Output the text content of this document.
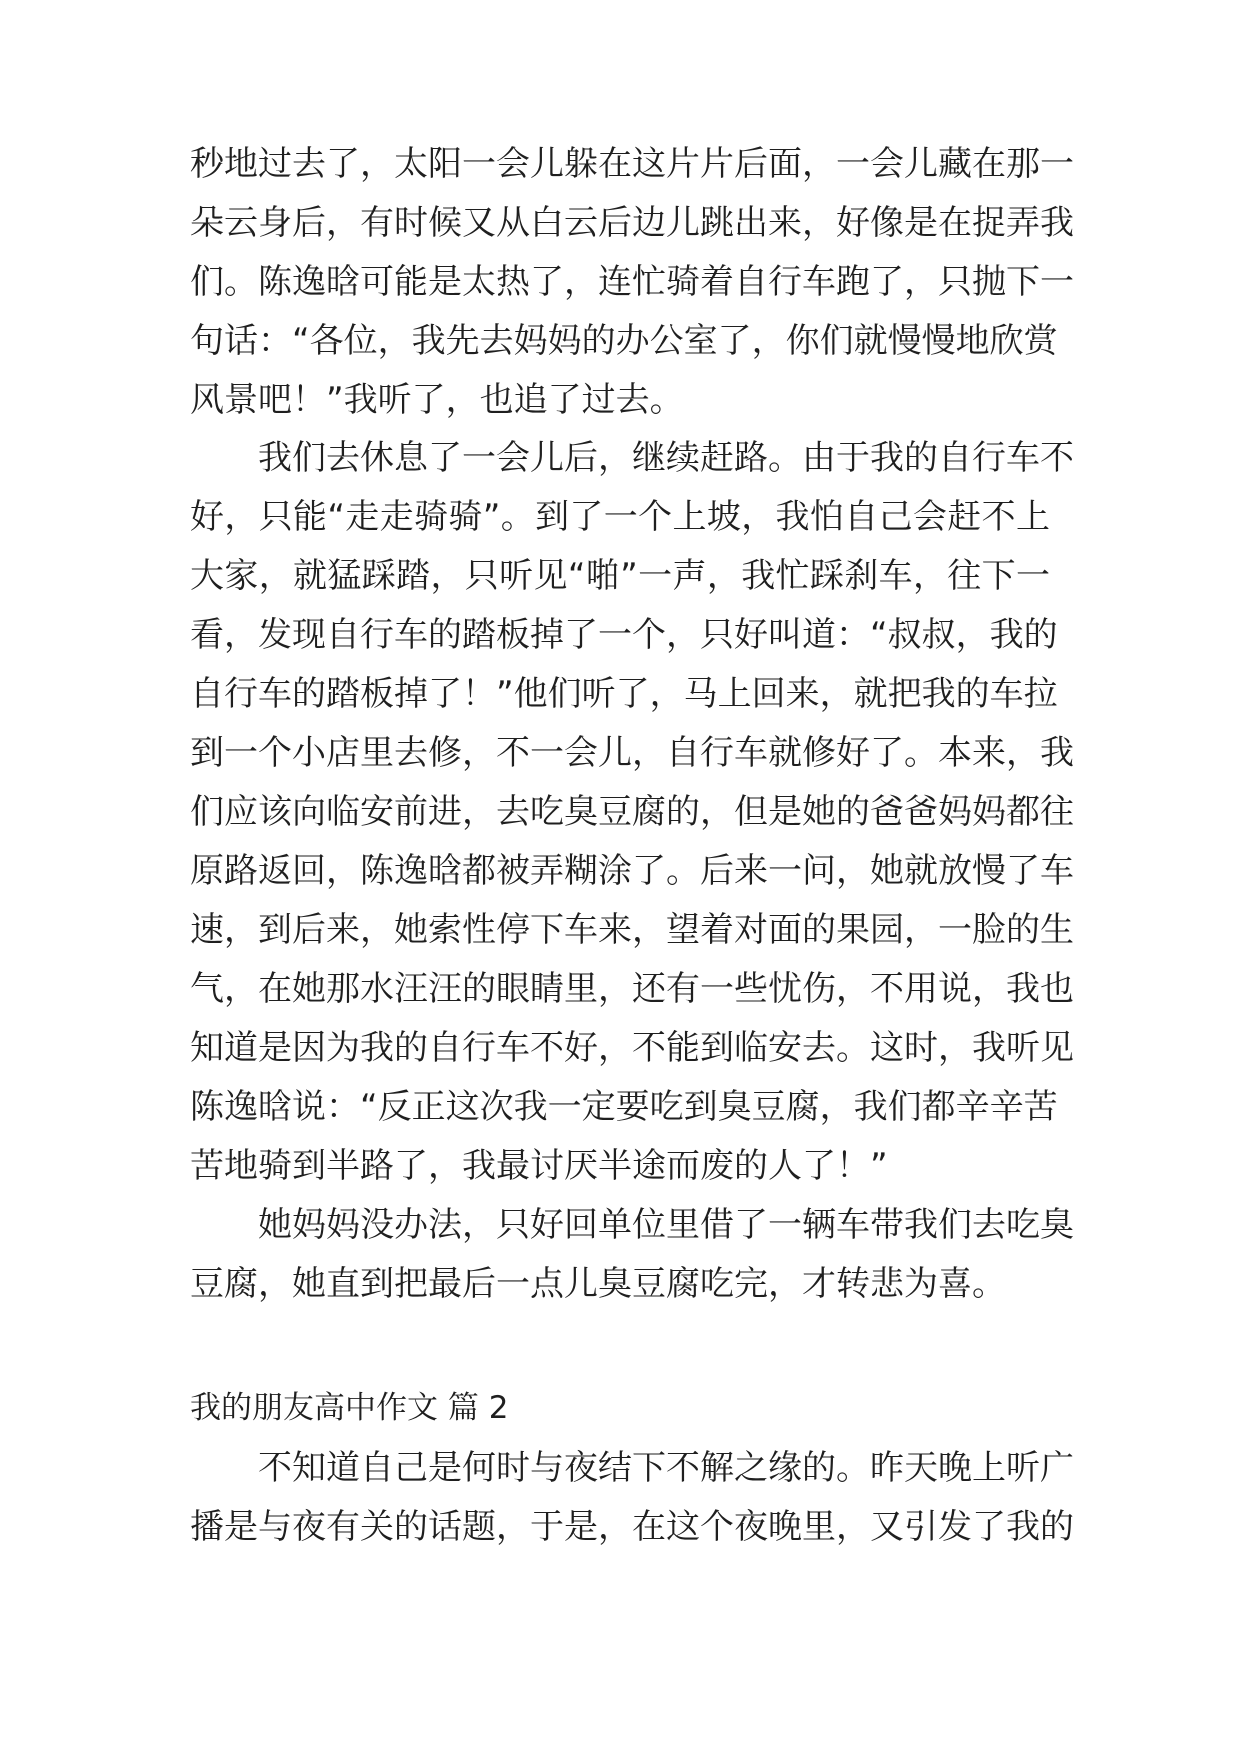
秒地过去了，太阳一会儿躲在这片片后面，一会儿藏在那一
朵云身后，有时候又从白云后边儿跳出来，好像是在捉弄我
们。陈逸晗可能是太热了，连忙骑着自行车跑了，只抛下一
句话：“各位，我先去妈妈的办公室了，你们就慢慢地欣赏
风景吧！”我听了，也追了过去。
我们去休息了一会儿后，继续赶路。由于我的自行车不
好，只能“走走骑骑”。到了一个上坡，我怕自己会赶不上
大家，就猛踩踏，只听见“啪”一声，我忙踩刹车，往下一
看，发现自行车的踏板掉了一个，只好叫道：“叔叔，我的
自行车的踏板掉了！”他们听了，马上回来，就把我的车拉
到一个小店里去修，不一会儿，自行车就修好了。本来，我
们应该向临安前进，去吃臭豆腐的，但是她的爸爸妈妈都往
原路返回，陈逸晗都被弄糊涂了。后来一问，她就放慢了车
速，到后来，她索性停下车来，望着对面的果园，一脸的生
气，在她那水汪汪的眼睛里，还有一些忧伤，不用说，我也
知道是因为我的自行车不好，不能到临安去。这时，我听见
陈逸晗说：“反正这次我一定要吃到臭豆腐，我们都辛辛苦
苦地骑到半路了，我最讨厌半途而废的人了！”
她妈妈没办法，只好回单位里借了一辆车带我们去吃臭
豆腐，她直到把最后一点儿臭豆腐吃完，才转悲为喜。
我的朋友高中作文 篇 2
不知道自己是何时与夜结下不解之缘的。昨天晚上听广
播是与夜有关的话题，于是，在这个夜晚里，又引发了我的
